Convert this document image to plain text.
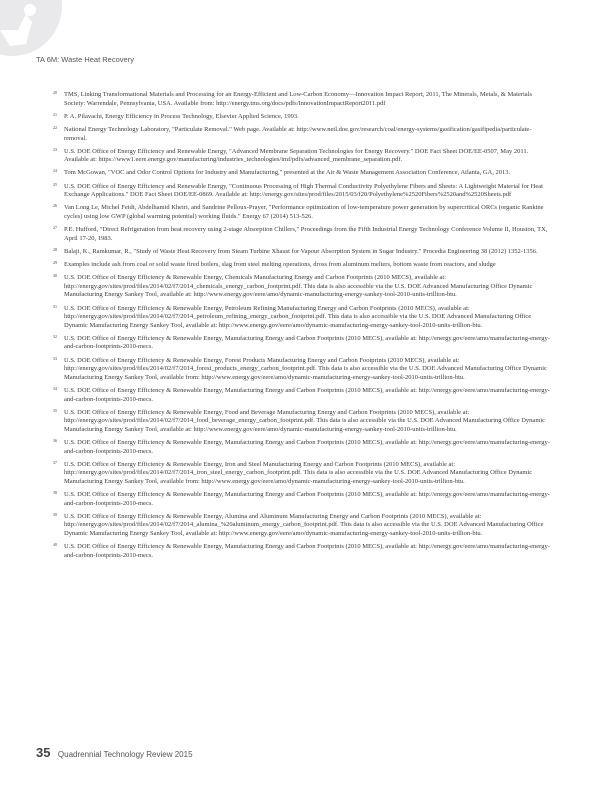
TA 6M: Waste Heat Recovery
20 TMS, Linking Transformational Materials and Processing for an Energy-Efficient and Low-Carbon Economy—Innovation Impact Report, 2011, The Minerals, Metals, & Materials Society: Warrendale, Pennsylvania, USA. Available from: http://energy.tms.org/docs/pdfs/InnovationImpactReport2011.pdf
21 P. A. Pilavachi, Energy Efficiency in Process Technology, Elsevier Applied Science, 1993.
22 National Energy Technology Laboratory, "Particulate Removal." Web page. Available at: http://www.netl.doe.gov/research/coal/energy-systems/gasification/gasifipedia/particulate-removal.
23 U.S. DOE Office of Energy Efficiency and Renewable Energy, "Advanced Membrane Separation Technologies for Energy Recovery." DOE Fact Sheet DOE/EE-0507, May 2011. Available at: https://www1.eere.energy.gov/manufacturing/industries_technologies/imf/pdfs/advanced_membrane_separation.pdf.
24 Tom McGowan, "VOC and Odor Control Options for Industry and Manufacturing," presented at the Air & Waste Management Association Conference, Atlanta, GA, 2013.
25 U.S. DOE Office of Energy Efficiency and Renewable Energy, "Continuous Processing of High Thermal Conductivity Polyethylene Fibers and Sheets: A Lightweight Material for Heat Exchange Applications." DOE Fact Sheet DOE/EE-0869. Available at: http://energy.gov/sites/prod/files/2015/03/f20/Polyethylene%2520Fibers%2520and%2520Sheets.pdf
26 Van Long Le, Michel Feidt, Abdelhamid Kheiri, and Sandrine Pelloux-Prayer, "Performance optimization of low-temperature power generation by supercritical ORCs (organic Rankine cycles) using low GWP (global warming potential) working fluids." Energy 67 (2014) 513-526.
27 P.E. Hufford, "Direct Refrigeration from heat recovery using 2-stage Absorption Chillers," Proceedings from the Fifth Industrial Energy Technology Conference Volume II, Houston, TX, April 17-20, 1983.
28 Balaji, K., Ramkumar, R., "Study of Waste Heat Recovery from Steam Turbine Xhaust for Vapour Absorption System in Sugar Industry." Procedia Engineering 38 (2012) 1352-1356.
29 Examples include ash from coal or solid waste fired boilers, slag from steel melting operations, dross from aluminum melters, bottom waste from reactors, and sludge
30 U.S. DOE Office of Energy Efficiency & Renewable Energy, Chemicals Manufacturing Energy and Carbon Footprints (2010 MECS), available at: http://energy.gov/sites/prod/files/2014/02/f7/2014_chemicals_energy_carbon_footprint.pdf. This data is also accessible via the U.S. DOE Advanced Manufacturing Office Dynamic Manufacturing Energy Sankey Tool, available at: http://www.energy.gov/eere/amo/dynamic-manufacturing-energy-sankey-tool-2010-units-trillion-btu.
31 U.S. DOE Office of Energy Efficiency & Renewable Energy, Petroleum Refining Manufacturing Energy and Carbon Footprints (2010 MECS), available at: http://energy.gov/sites/prod/files/2014/02/f7/2014_petroleum_refining_energy_carbon_footprint.pdf. This data is also accessible via the U.S. DOE Advanced Manufacturing Office Dynamic Manufacturing Energy Sankey Tool, available at: http://www.energy.gov/eere/amo/dynamic-manufacturing-energy-sankey-tool-2010-units-trillion-btu.
32 U.S. DOE Office of Energy Efficiency & Renewable Energy, Manufacturing Energy and Carbon Footprints (2010 MECS), available at: http://energy.gov/eere/amo/manufacturing-energy-and-carbon-footprints-2010-mecs.
33 U.S. DOE Office of Energy Efficiency & Renewable Energy, Forest Products Manufacturing Energy and Carbon Footprints (2010 MECS), available at: http://energy.gov/sites/prod/files/2014/02/f7/2014_forest_products_energy_carbon_footprint.pdf. This data is also accessible via the U.S. DOE Advanced Manufacturing Office Dynamic Manufacturing Energy Sankey Tool, available from: http://www.energy.gov/eere/amo/dynamic-manufacturing-energy-sankey-tool-2010-units-trillion-btu.
34 U.S. DOE Office of Energy Efficiency & Renewable Energy, Manufacturing Energy and Carbon Footprints (2010 MECS), available at: http://energy.gov/eere/amo/manufacturing-energy-and-carbon-footprints-2010-mecs.
35 U.S. DOE Office of Energy Efficiency & Renewable Energy, Food and Beverage Manufacturing Energy and Carbon Footprints (2010 MECS), available at: http://energy.gov/sites/prod/files/2014/02/f7/2014_food_beverage_energy_carbon_footprint.pdf. This data is also accessible via the U.S. DOE Advanced Manufacturing Office Dynamic Manufacturing Energy Sankey Tool, available at: http://www.energy.gov/eere/amo/dynamic-manufacturing-energy-sankey-tool-2010-units-trillion-btu.
36 U.S. DOE Office of Energy Efficiency & Renewable Energy, Manufacturing Energy and Carbon Footprints (2010 MECS), available at: http://energy.gov/eere/amo/manufacturing-energy-and-carbon-footprints-2010-mecs.
37 U.S. DOE Office of Energy Efficiency & Renewable Energy, Iron and Steel Manufacturing Energy and Carbon Footprints (2010 MECS), available at: http://energy.gov/sites/prod/files/2014/02/f7/2014_iron_steel_energy_carbon_footprint.pdf. This data is also accessible via the U.S. DOE Advanced Manufacturing Office Dynamic Manufacturing Energy Sankey Tool, available from: http://www.energy.gov/eere/amo/dynamic-manufacturing-energy-sankey-tool-2010-units-trillion-btu.
38 U.S. DOE Office of Energy Efficiency & Renewable Energy, Manufacturing Energy and Carbon Footprints (2010 MECS), available at: http://energy.gov/eere/amo/manufacturing-energy-and-carbon-footprints-2010-mecs.
39 U.S. DOE Office of Energy Efficiency & Renewable Energy, Alumina and Aluminum Manufacturing Energy and Carbon Footprints (2010 MECS), available at: http://energy.gov/sites/prod/files/2014/02/f7/2014_alumina_%20aluminum_energy_carbon_footprint.pdf. This data is also accessible via the U.S. DOE Advanced Manufacturing Office Dynamic Manufacturing Energy Sankey Tool, available at: http://www.energy.gov/eere/amo/dynamic-manufacturing-energy-sankey-tool-2010-units-trillion-btu.
40 U.S. DOE Office of Energy Efficiency & Renewable Energy, Manufacturing Energy and Carbon Footprints (2010 MECS), available at: http://energy.gov/eere/amo/manufacturing-energy-and-carbon-footprints-2010-mecs.
35 Quadrennial Technology Review 2015
